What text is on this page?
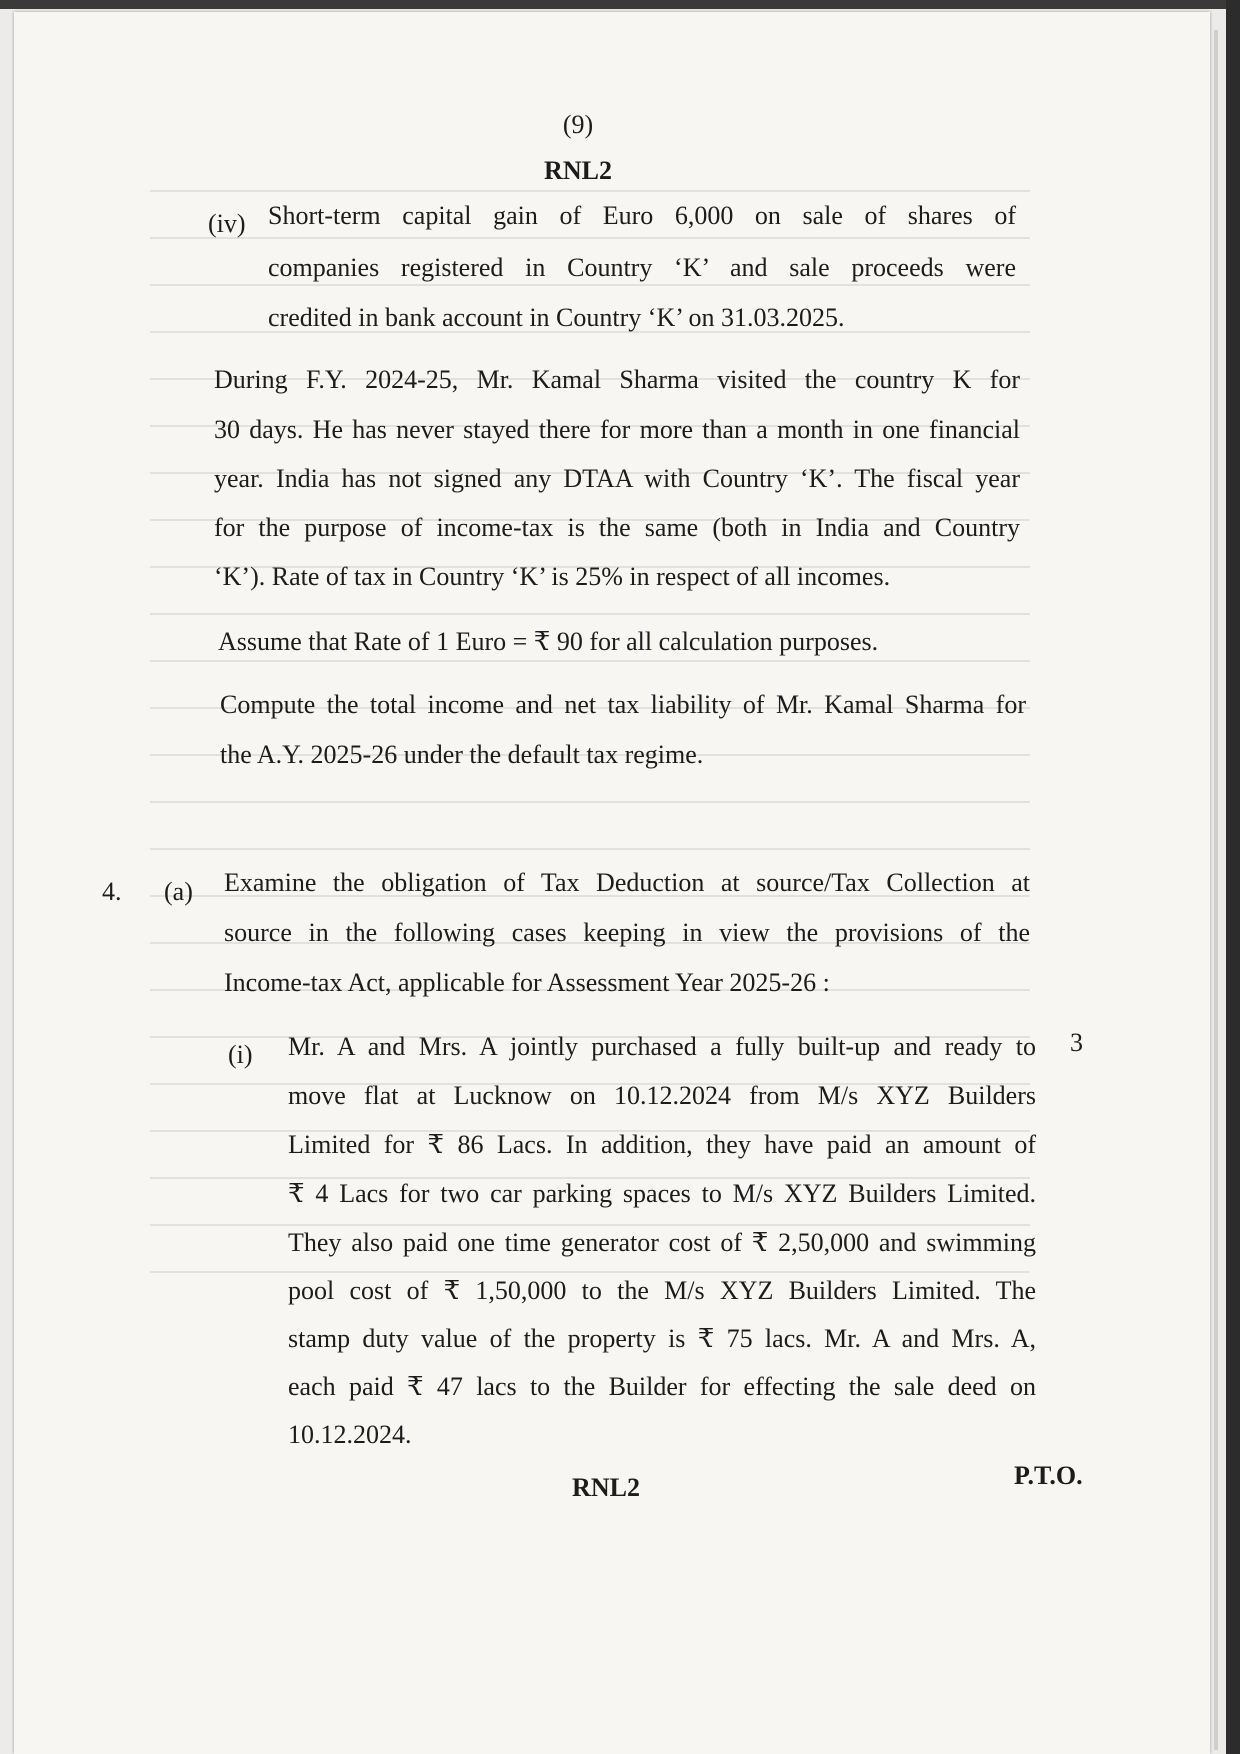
(9)
RNL2
(iv) Short-term capital gain of Euro 6,000 on sale of shares of
companies registered in Country ‘K’ and sale proceeds were
credited in bank account in Country ‘K’ on 31.03.2025.
During F.Y. 2024-25, Mr. Kamal Sharma visited the country K for
30 days. He has never stayed there for more than a month in one financial
year. India has not signed any DTAA with Country ‘K’. The fiscal year
for the purpose of income-tax is the same (both in India and Country
‘K’). Rate of tax in Country ‘K’ is 25% in respect of all incomes.
Assume that Rate of 1 Euro = ₹ 90 for all calculation purposes.
Compute the total income and net tax liability of Mr. Kamal Sharma for
the A.Y. 2025-26 under the default tax regime.
4. (a) Examine the obligation of Tax Deduction at source/Tax Collection at
source in the following cases keeping in view the provisions of the
Income-tax Act, applicable for Assessment Year 2025-26 :
(i)	3
Mr. A and Mrs. A jointly purchased a fully built-up and ready to
move flat at Lucknow on 10.12.2024 from M/s XYZ Builders
Limited for ₹ 86 Lacs. In addition, they have paid an amount of
₹ 4 Lacs for two car parking spaces to M/s XYZ Builders Limited.
They also paid one time generator cost of ₹ 2,50,000 and swimming
pool cost of ₹ 1,50,000 to the M/s XYZ Builders Limited. The
stamp duty value of the property is ₹ 75 lacs. Mr. A and Mrs. A,
each paid ₹ 47 lacs to the Builder for effecting the sale deed on
10.12.2024.
RNL2	P.T.O.
